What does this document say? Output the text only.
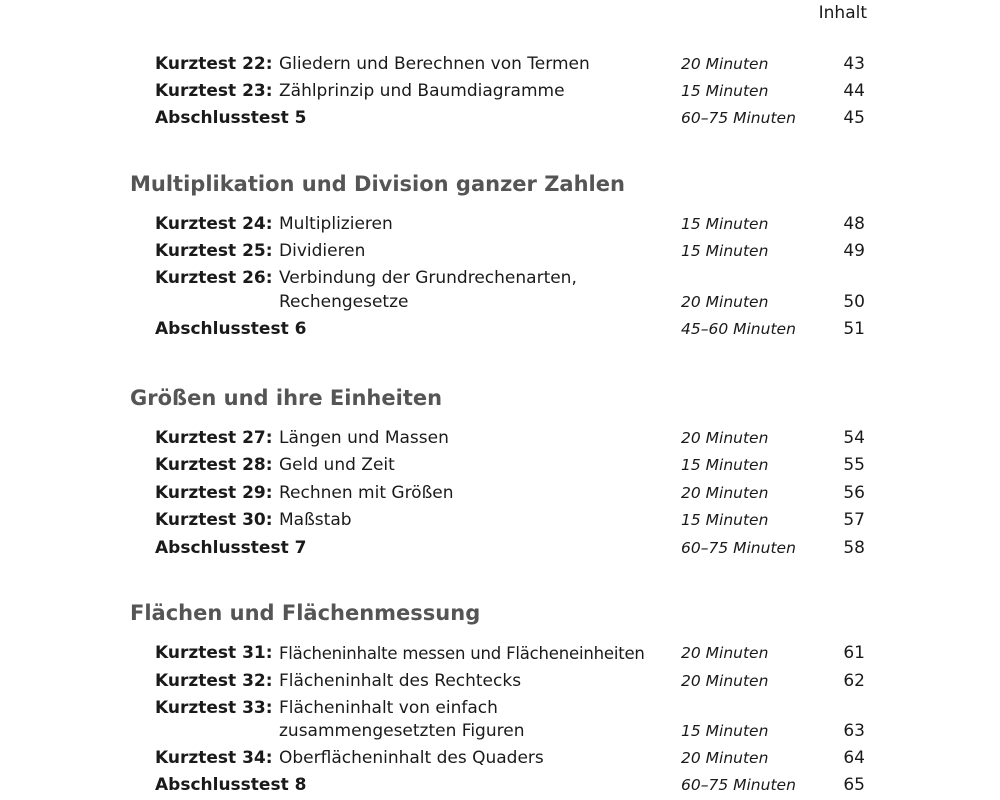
Inhalt
Kurztest 22: Gliedern und Berechnen von Termen	20 Minuten	43
Kurztest 23: Zählprinzip und Baumdiagramme	15 Minuten	44
Abschlusstest 5	60–75 Minuten	45
Multiplikation und Division ganzer Zahlen
Kurztest 24: Multiplizieren	15 Minuten	48
Kurztest 25: Dividieren	15 Minuten	49
Kurztest 26: Verbindung der Grundrechenarten,
Rechengesetze	20 Minuten	50
Abschlusstest 6	45–60 Minuten	51
Größen und ihre Einheiten
Kurztest 27: Längen und Massen	20 Minuten	54
Kurztest 28: Geld und Zeit	15 Minuten	55
Kurztest 29: Rechnen mit Größen	20 Minuten	56
Kurztest 30: Maßstab	15 Minuten	57
Abschlusstest 7	60–75 Minuten	58
Flächen und Flächenmessung
Kurztest 31: Flächeninhalte messen und Flächeneinheiten 20 Minuten	61
Kurztest 32: Flächeninhalt des Rechtecks	20 Minuten	62
Kurztest 33: Flächeninhalt von einfach
zusammengesetzten Figuren	15 Minuten	63
Kurztest 34: Oberflächeninhalt des Quaders	20 Minuten	64
Abschlusstest 8	60–75 Minuten	65
